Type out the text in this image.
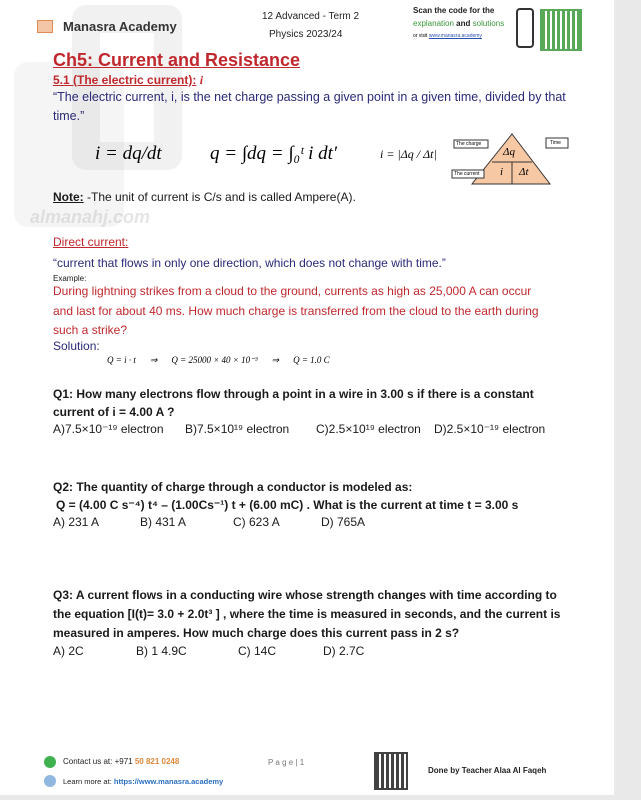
almanahj.com
Manasra Academy
12 Advanced - Term 2
Physics 2023/24
Scan the code for the
explanation and solutions
or visit www.manasra.academy
Ch5: Current and Resistance
5.1 (The electric current): i
“The electric current, i, is the net charge passing a given point in a given time, divided by that
time.”
i = dq/dt	q = ∫dq = ∫₀ᵗ i dt′	i = |Δq / Δt|
The charge	Time
The current
Δq
i Δt
Note: -The unit of current is C/s and is called Ampere(A).
Direct current:
“current that flows in only one direction, which does not change with time.”
Example:
During lightning strikes from a cloud to the ground, currents as high as 25,000 A can occur
and last for about 40 ms. How much charge is transferred from the cloud to the earth during
such a strike?
Solution:
Q = i · t ⇒ Q = 25000 × 40 × 10⁻³ ⇒ Q = 1.0 C
Q1: How many electrons flow through a point in a wire in 3.00 s if there is a constant
current of i = 4.00 A ?
A)7.5×10⁻¹⁹ electron B)7.5×10¹⁹ electron C)2.5×10¹⁹ electron D)2.5×10⁻¹⁹ electron
Q2: The quantity of charge through a conductor is modeled as:
Q = (4.00 C s⁻⁴) t⁴ – (1.00Cs⁻¹) t + (6.00 mC) . What is the current at time t = 3.00 s
A) 231 A	B) 431 A	C) 623 A	D) 765A
Q3: A current flows in a conducting wire whose strength changes with time according to
the equation [I(t)= 3.0 + 2.0t³ ] , where the time is measured in seconds, and the current is
measured in amperes. How much charge does this current pass in 2 s?
A) 2C	B) 1 4.9C	C) 14C	D) 2.7C
Contact us at: +971 50 821 0248
Learn more at: https://www.manasra.academy
P a g e | 1
Done by Teacher Alaa Al Faqeh
